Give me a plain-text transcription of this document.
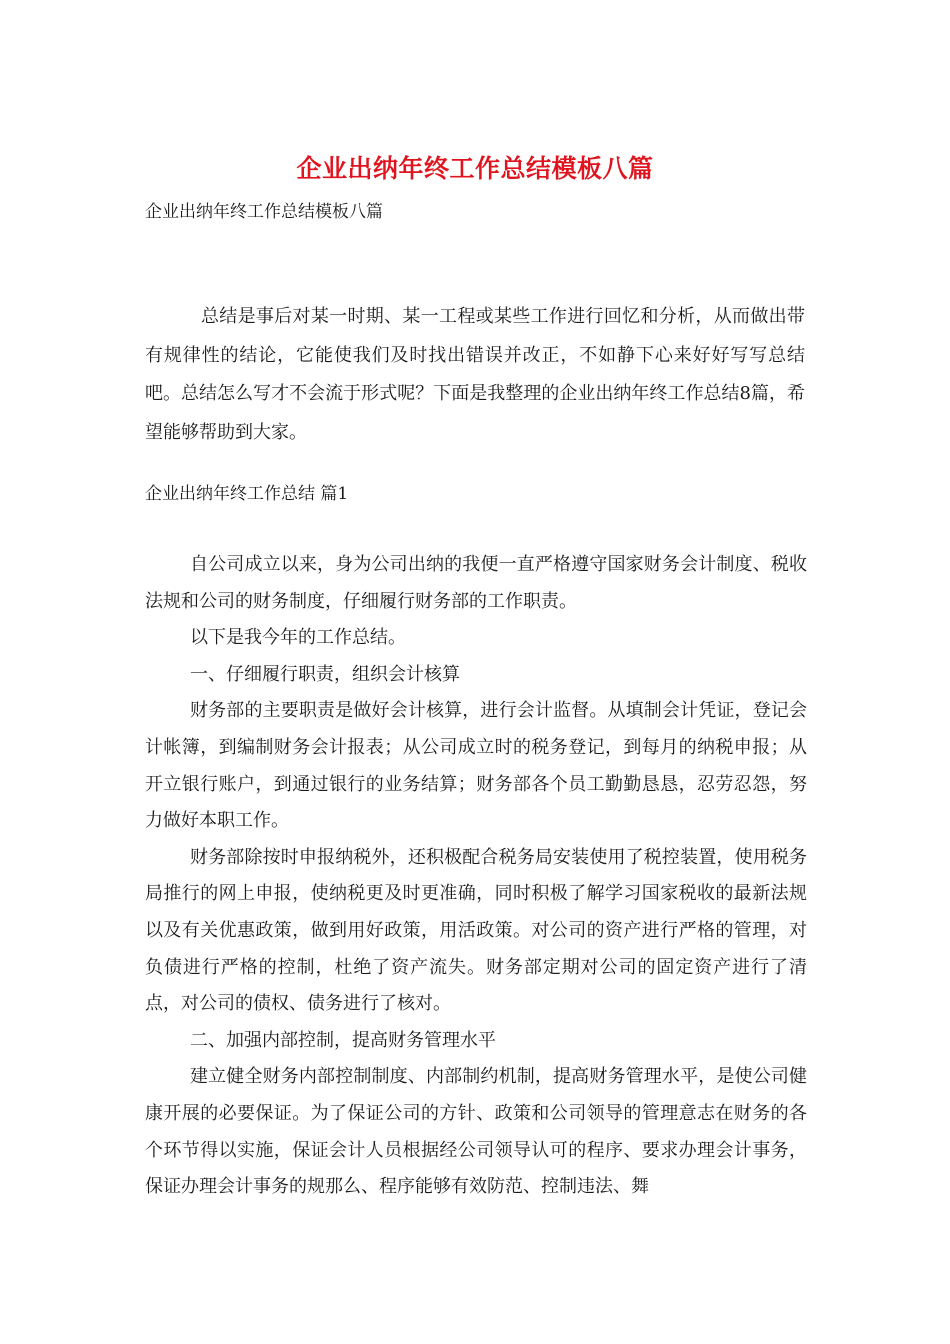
企业出纳年终工作总结模板八篇
企业出纳年终工作总结模板八篇

总结是事后对某一时期、某一工程或某些工作进行回忆和分析，从而做出带有规律性的结论，它能使我们及时找出错误并改正，不如静下心来好好写写总结吧。总结怎么写才不会流于形式呢？下面是我整理的企业出纳年终工作总结8篇，希望能够帮助到大家。

企业出纳年终工作总结 篇1

自公司成立以来，身为公司出纳的我便一直严格遵守国家财务会计制度、税收法规和公司的财务制度，仔细履行财务部的工作职责。

以下是我今年的工作总结。

一、仔细履行职责，组织会计核算

财务部的主要职责是做好会计核算，进行会计监督。从填制会计凭证，登记会计帐簿，到编制财务会计报表；从公司成立时的税务登记，到每月的纳税申报；从开立银行账户，到通过银行的业务结算；财务部各个员工勤勤恳恳，忍劳忍怨，努力做好本职工作。

财务部除按时申报纳税外，还积极配合税务局安装使用了税控装置，使用税务局推行的网上申报，使纳税更及时更准确，同时积极了解学习国家税收的最新法规以及有关优惠政策，做到用好政策，用活政策。对公司的资产进行严格的管理，对负债进行严格的控制，杜绝了资产流失。财务部定期对公司的固定资产进行了清点，对公司的债权、债务进行了核对。

二、加强内部控制，提高财务管理水平

建立健全财务内部控制制度、内部制约机制，提高财务管理水平，是使公司健康开展的必要保证。为了保证公司的方针、政策和公司领导的管理意志在财务的各个环节得以实施，保证会计人员根据经公司领导认可的程序、要求办理会计事务，保证办理会计事务的规那么、程序能够有效防范、控制违法、舞
